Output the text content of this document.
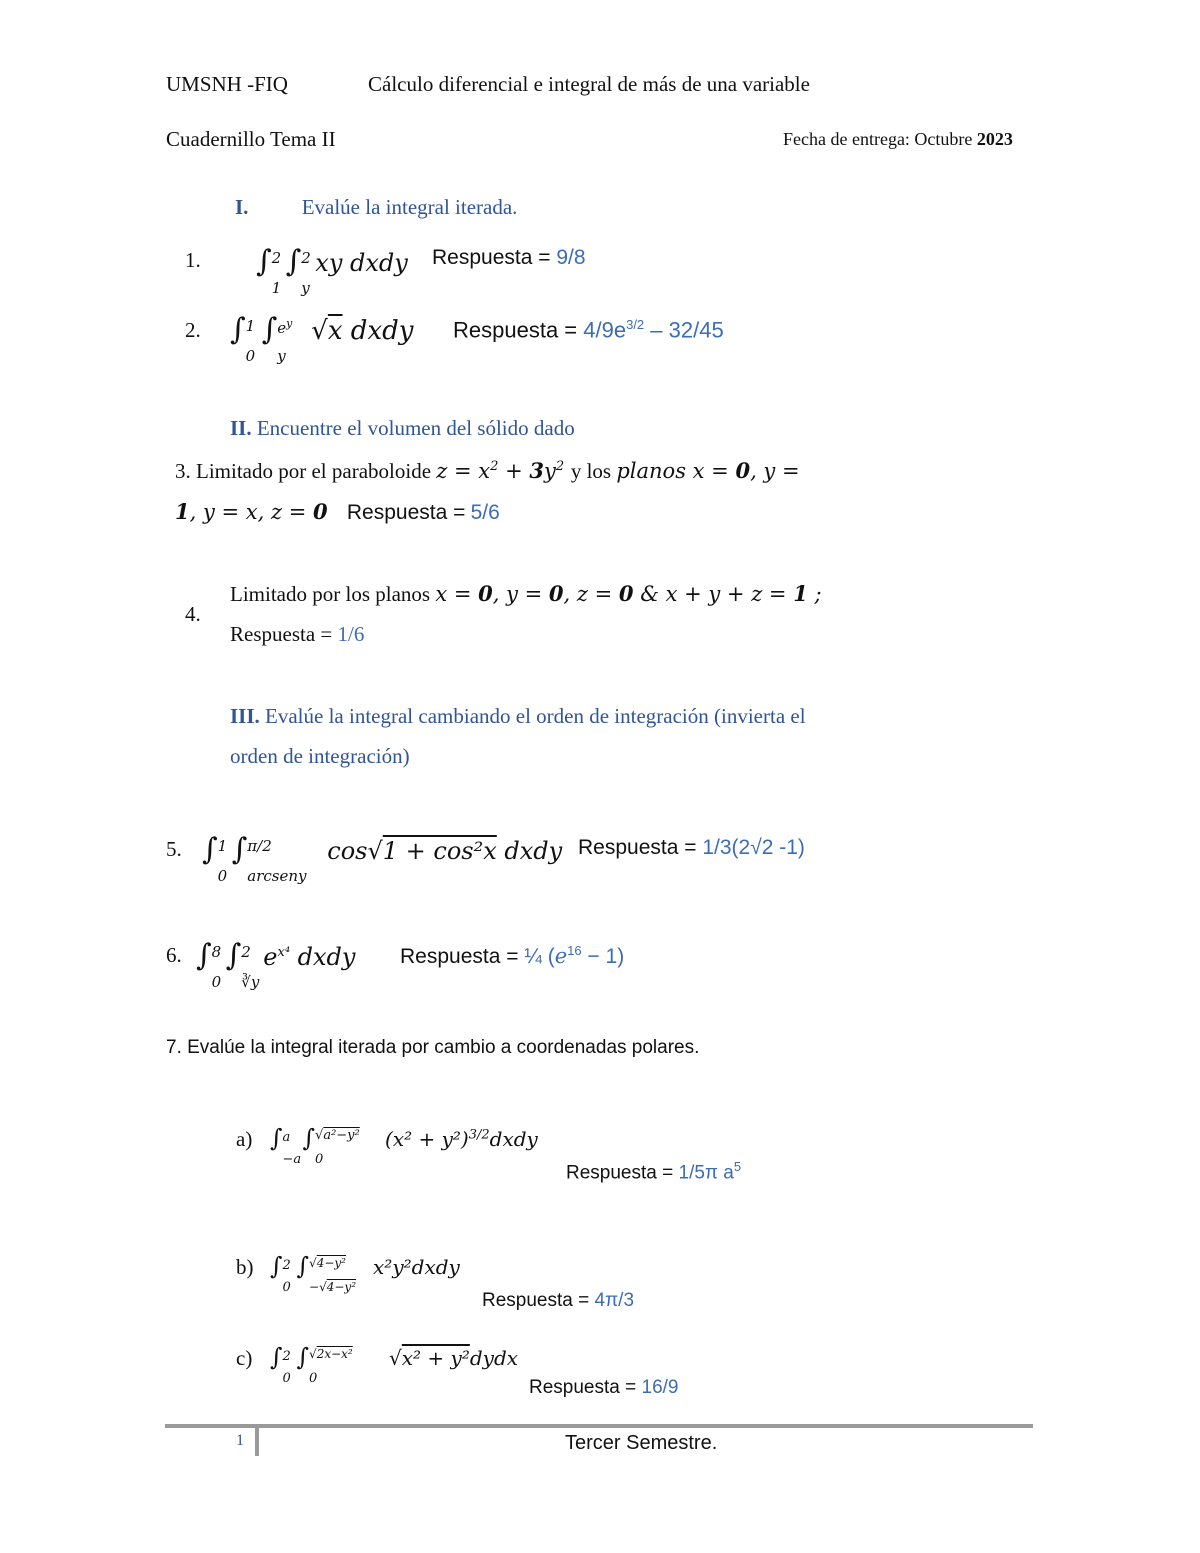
UMSNH -FIQ	Cálculo diferencial e integral de más de una variable
Cuadernillo Tema II	Fecha de entrega: Octubre 2023
I.	Evalúe la integral iterada.
1. ∫ 2
1
∫ 2
y
xy dxdy Respuesta = 9/8
2. ∫ 1
0
∫ $e^y$
y
√x dxdy Respuesta = $4/9e^{3/2} - 32/45$
II. Encuentre el volumen del sólido dado
3. Limitado por el paraboloide $z = x^2 + 3y^2$ y los planos x = 0, y =
1, y = x, z = 0 Respuesta = 5/6
4.
Limitado por los planos x = 0, y = 0, z = 0 & x + y + z = 1 ;
Respuesta = 1/6
III. Evalúe la integral cambiando el orden de integración (invierta el
orden de integración)
5. ∫ 1
0
∫ π/2
arcseny
cos√1 + cos²x dxdy Respuesta = 1/3(2√2 -1)
6. ∫ 8
0
∫ 2
∛y
$e^{x^4}$ dxdy Respuesta = ¼ $(e^{16} - 1)$
7. Evalúe la integral iterada por cambio a coordenadas polares.
a) ∫ a
−a
∫ √a²−y²
0
$(x^2 + y^2)^{3/2}dxdy$
Respuesta = 1/5π $a^5$
b) ∫ 2
0
∫ √4−y²
−√4−y²
x²y²dxdy
Respuesta = 4π/3
c) ∫ 2
0
∫ √2x−x²
0
√x² + y²dydx
Respuesta = 16/9
1	Tercer Semestre.
